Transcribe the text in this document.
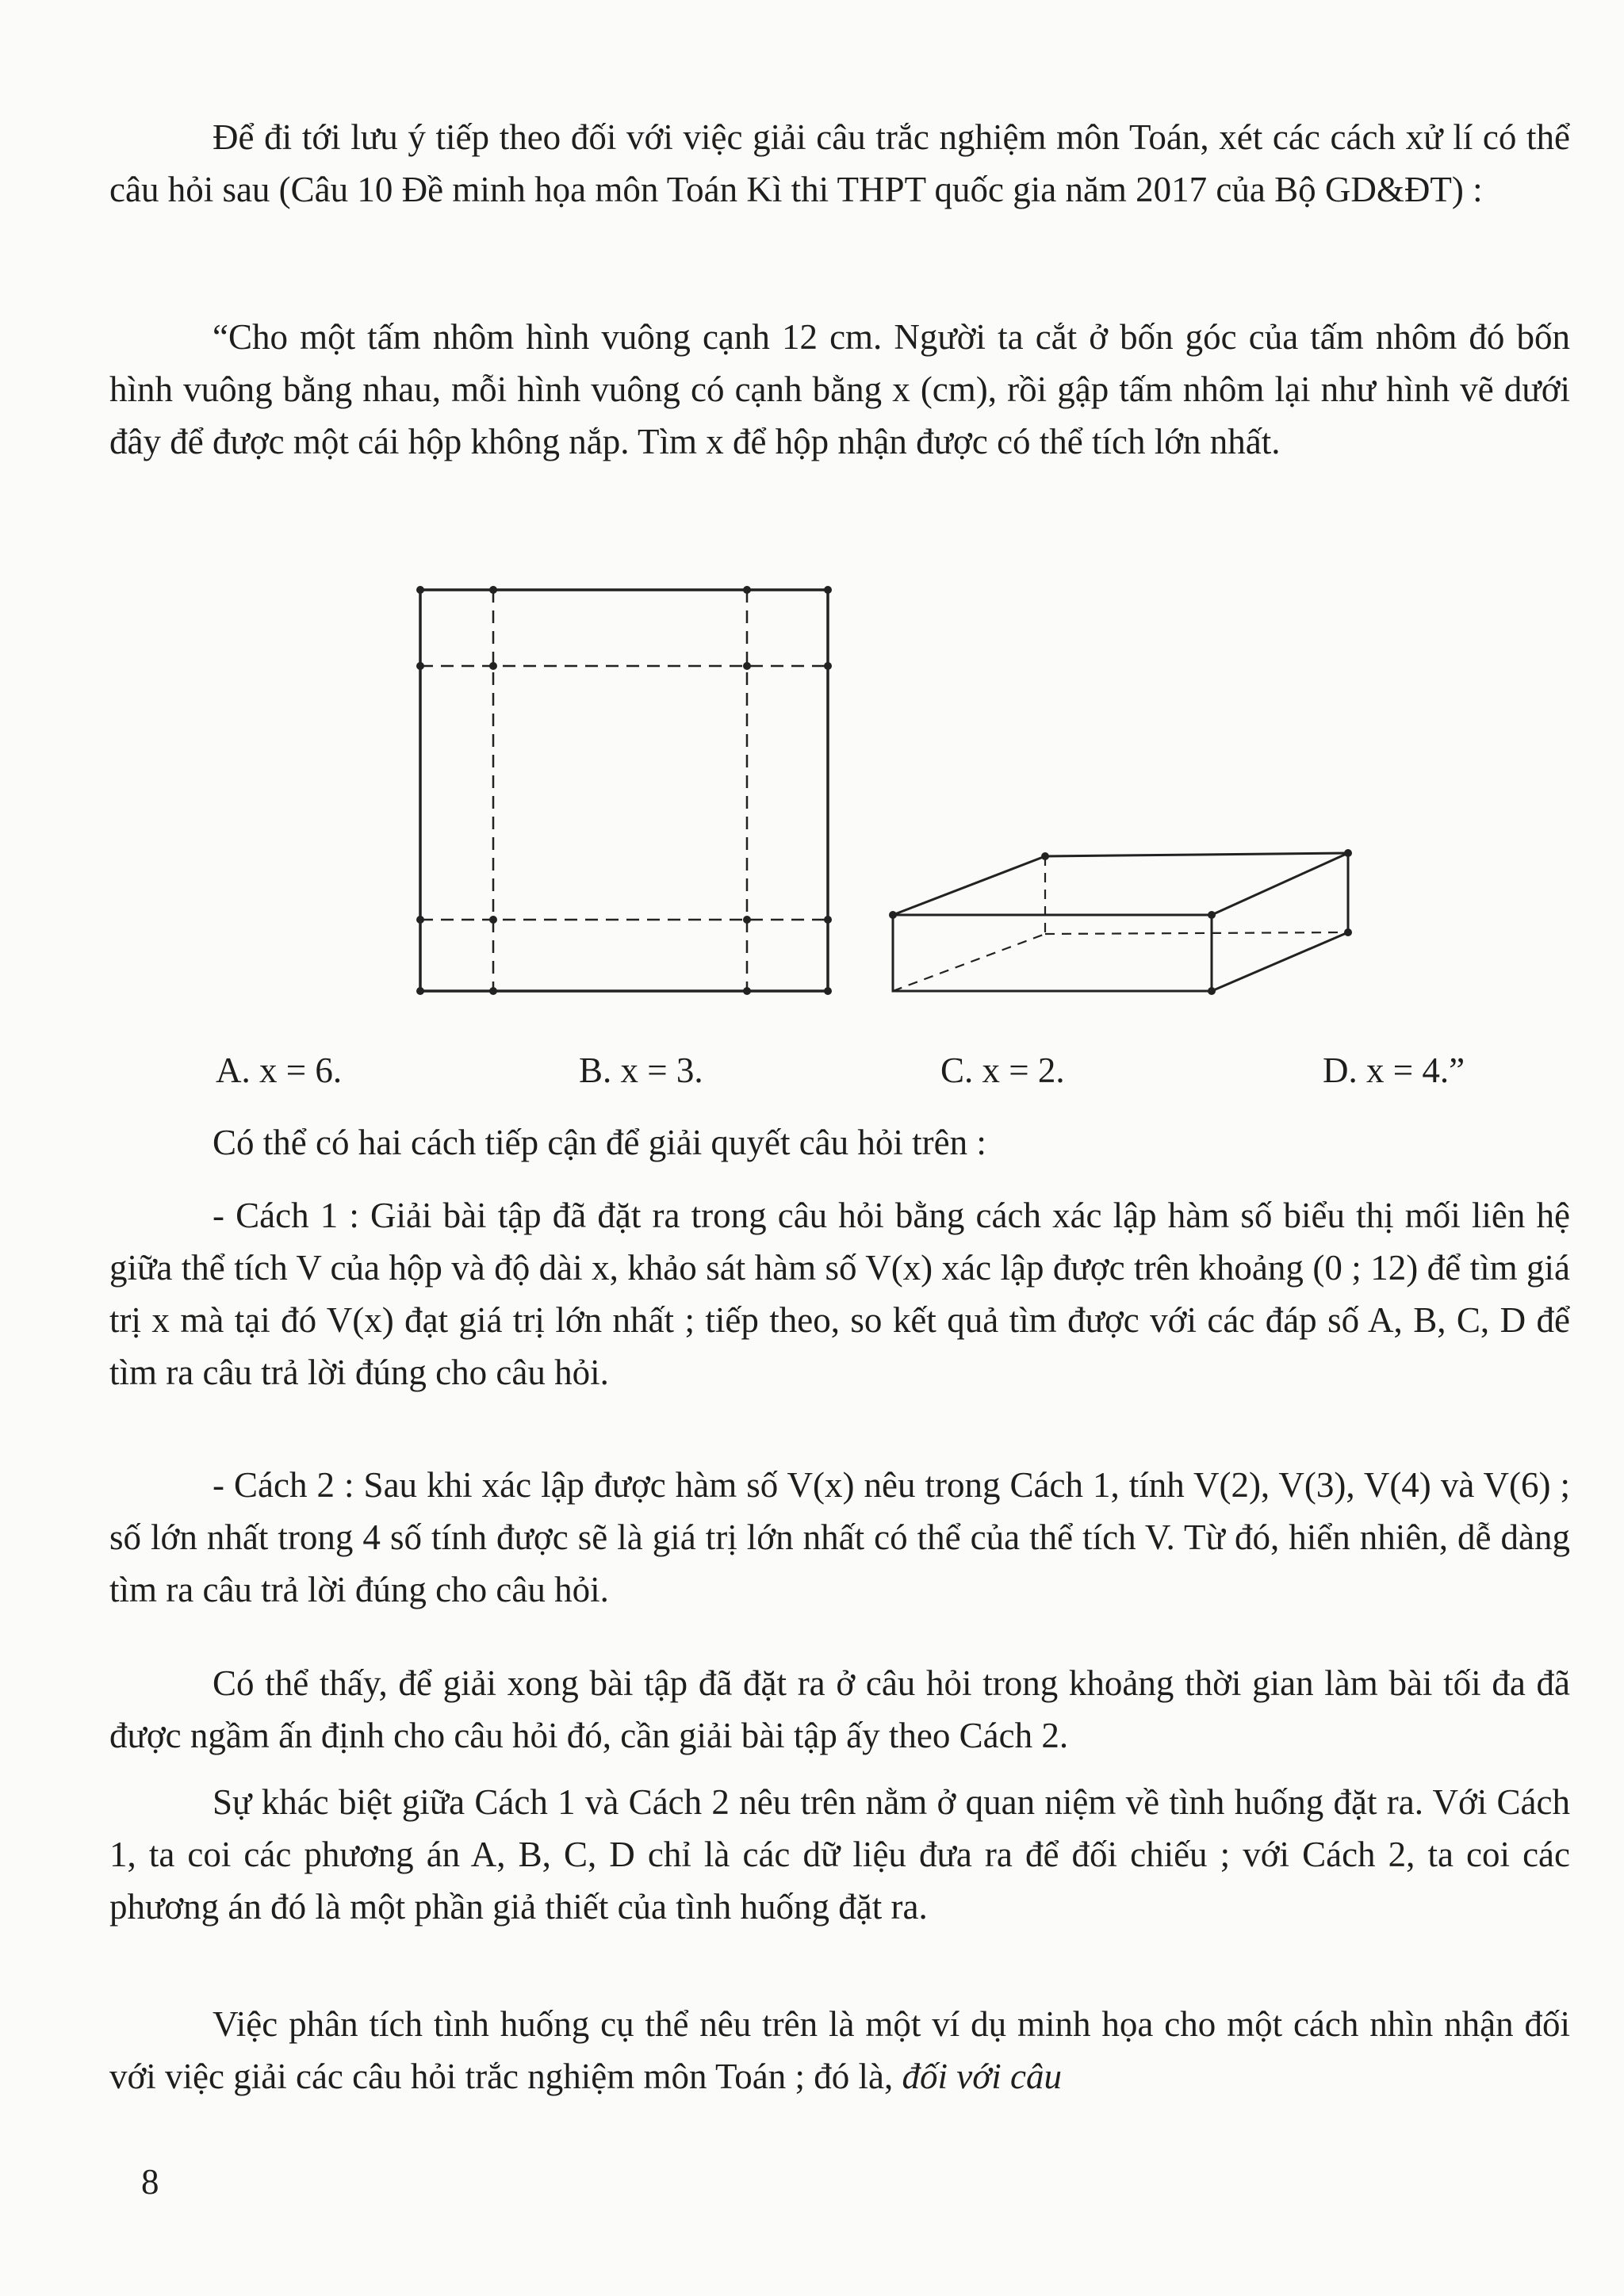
Để đi tới lưu ý tiếp theo đối với việc giải câu trắc nghiệm môn Toán, xét các cách xử lí có thể câu hỏi sau (Câu 10 Đề minh họa môn Toán Kì thi THPT quốc gia năm 2017 của Bộ GD&ĐT) :

“Cho một tấm nhôm hình vuông cạnh 12 cm. Người ta cắt ở bốn góc của tấm nhôm đó bốn hình vuông bằng nhau, mỗi hình vuông có cạnh bằng x (cm), rồi gập tấm nhôm lại như hình vẽ dưới đây để được một cái hộp không nắp. Tìm x để hộp nhận được có thể tích lớn nhất.

A. x = 6.	B. x = 3.	C. x = 2.	D. x = 4.”

Có thể có hai cách tiếp cận để giải quyết câu hỏi trên :

- Cách 1 : Giải bài tập đã đặt ra trong câu hỏi bằng cách xác lập hàm số biểu thị mối liên hệ giữa thể tích V của hộp và độ dài x, khảo sát hàm số V(x) xác lập được trên khoảng (0 ; 12) để tìm giá trị x mà tại đó V(x) đạt giá trị lớn nhất ; tiếp theo, so kết quả tìm được với các đáp số A, B, C, D để tìm ra câu trả lời đúng cho câu hỏi.

- Cách 2 : Sau khi xác lập được hàm số V(x) nêu trong Cách 1, tính V(2), V(3), V(4) và V(6) ; số lớn nhất trong 4 số tính được sẽ là giá trị lớn nhất có thể của thể tích V. Từ đó, hiển nhiên, dễ dàng tìm ra câu trả lời đúng cho câu hỏi.

Có thể thấy, để giải xong bài tập đã đặt ra ở câu hỏi trong khoảng thời gian làm bài tối đa đã được ngầm ấn định cho câu hỏi đó, cần giải bài tập ấy theo Cách 2.

Sự khác biệt giữa Cách 1 và Cách 2 nêu trên nằm ở quan niệm về tình huống đặt ra. Với Cách 1, ta coi các phương án A, B, C, D chỉ là các dữ liệu đưa ra để đối chiếu ; với Cách 2, ta coi các phương án đó là một phần giả thiết của tình huống đặt ra.

Việc phân tích tình huống cụ thể nêu trên là một ví dụ minh họa cho một cách nhìn nhận đối với việc giải các câu hỏi trắc nghiệm môn Toán ; đó là, đối với câu

8
